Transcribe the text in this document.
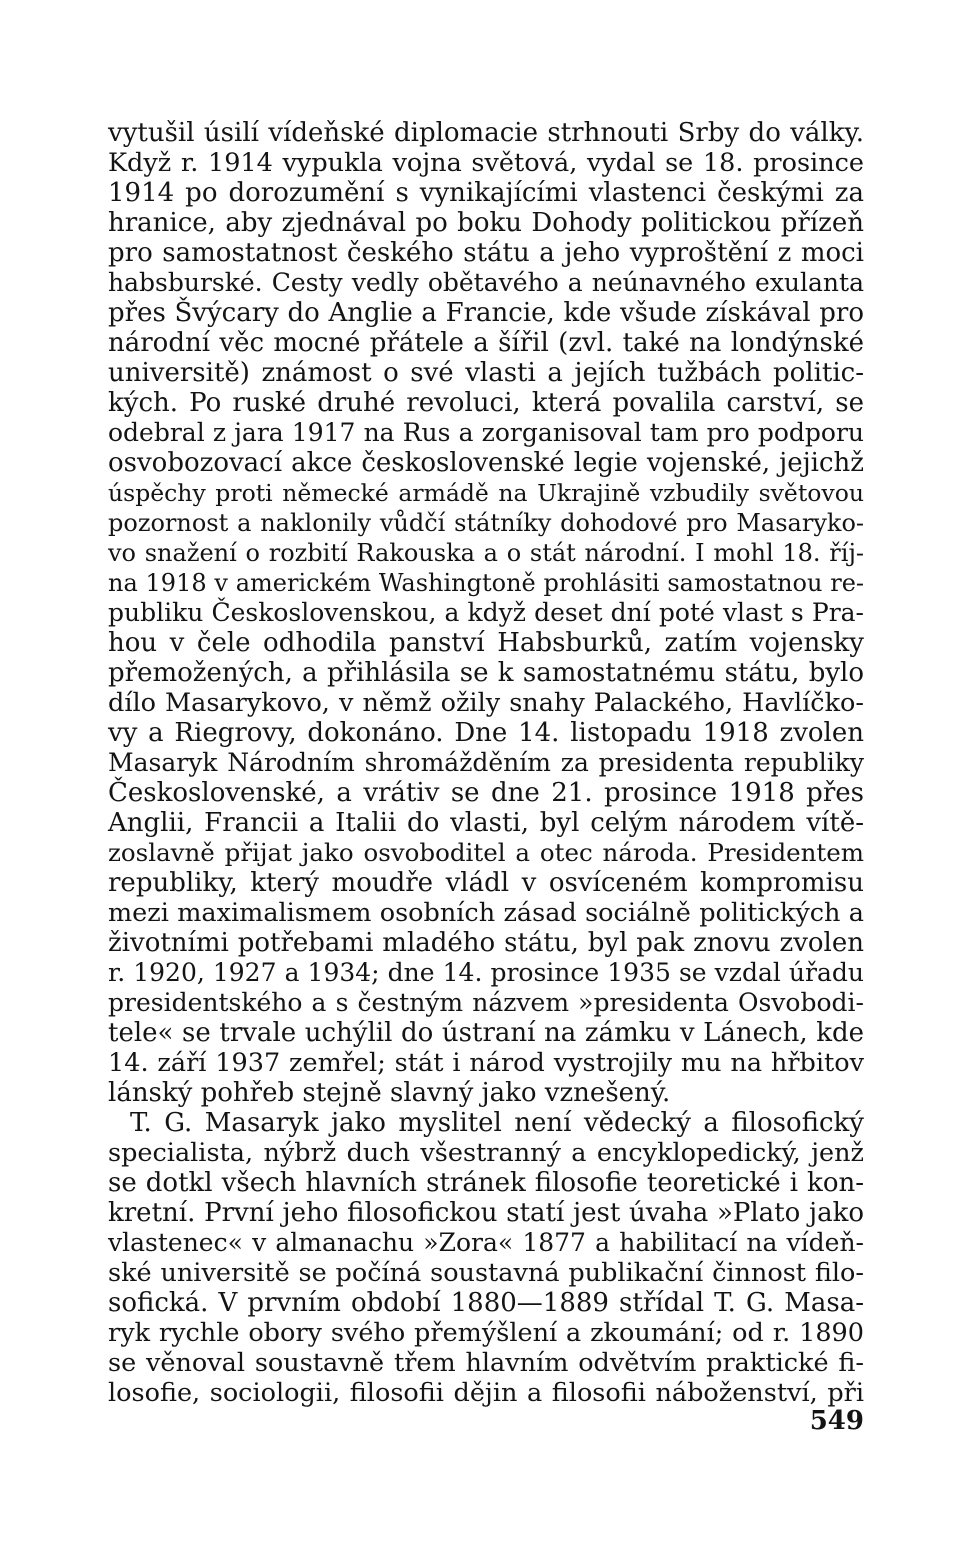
vytušil úsilí vídeňské diplomacie strhnouti Srby do války.
Když r. 1914 vypukla vojna světová, vydal se 18. prosince
1914 po dorozumění s vynikajícími vlastenci českými za
hranice, aby zjednával po boku Dohody politickou přízeň
pro samostatnost českého státu a jeho vyproštění z moci
habsburské. Cesty vedly obětavého a neúnavného exulanta
přes Švýcary do Anglie a Francie, kde všude získával pro
národní věc mocné přátele a šířil (zvl. také na londýnské
universitě) známost o své vlasti a jejích tužbách politic-
kých. Po ruské druhé revoluci, která povalila carství, se
odebral z jara 1917 na Rus a zorganisoval tam pro podporu
osvobozovací akce československé legie vojenské, jejichž
úspěchy proti německé armádě na Ukrajině vzbudily světovou
pozornost a naklonily vůdčí státníky dohodové pro Masaryko-
vo snažení o rozbití Rakouska a o stát národní. I mohl 18. říj-
na 1918 v americkém Washingtoně prohlásiti samostatnou re-
publiku Československou, a když deset dní poté vlast s Pra-
hou v čele odhodila panství Habsburků, zatím vojensky
přemožených, a přihlásila se k samostatnému státu, bylo
dílo Masarykovo, v němž ožily snahy Palackého, Havlíčko-
vy a Riegrovy, dokonáno. Dne 14. listopadu 1918 zvolen
Masaryk Národním shromážděním za presidenta republiky
Československé, a vrátiv se dne 21. prosince 1918 přes
Anglii, Francii a Italii do vlasti, byl celým národem vítě-
zoslavně přijat jako osvoboditel a otec národa. Presidentem
republiky, který moudře vládl v osvíceném kompromisu
mezi maximalismem osobních zásad sociálně politických a
životními potřebami mladého státu, byl pak znovu zvolen
r. 1920, 1927 a 1934; dne 14. prosince 1935 se vzdal úřadu
presidentského a s čestným názvem »presidenta Osvobodi-
tele« se trvale uchýlil do ústraní na zámku v Lánech, kde
14. září 1937 zemřel; stát i národ vystrojily mu na hřbitov
lánský pohřeb stejně slavný jako vznešený.
T. G. Masaryk jako myslitel není vědecký a filosofický
specialista, nýbrž duch všestranný a encyklopedický, jenž
se dotkl všech hlavních stránek filosofie teoretické i kon-
kretní. První jeho filosofickou statí jest úvaha »Plato jako
vlastenec« v almanachu »Zora« 1877 a habilitací na vídeň-
ské universitě se počíná soustavná publikační činnost filo-
sofická. V prvním období 1880—1889 střídal T. G. Masa-
ryk rychle obory svého přemýšlení a zkoumání; od r. 1890
se věnoval soustavně třem hlavním odvětvím praktické fi-
losofie, sociologii, filosofii dějin a filosofii náboženství, při
549
